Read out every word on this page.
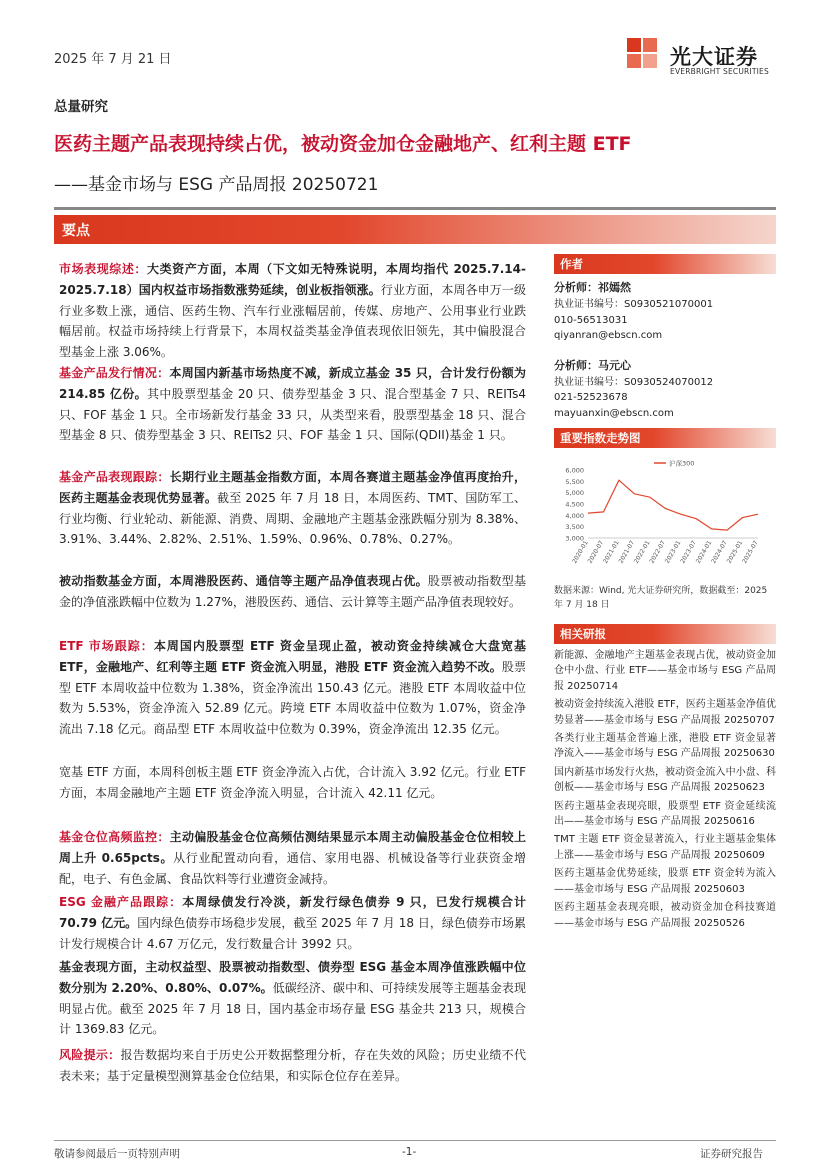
2025 年 7 月 21 日	光大证券
EVERBRIGHT SECURITIES
总量研究
医药主题产品表现持续占优，被动资金加仓金融地产、红利主题 ETF
——基金市场与 ESG 产品周报 20250721
要点

市场表现综述：大类资产方面，本周（下文如无特殊说明，本周均指代 2025.7.14-2025.7.18）国内权益市场指数涨势延续，创业板指领涨。行业方面，本周各申万一级行业多数上涨，通信、医药生物、汽车行业涨幅居前，传媒、房地产、公用事业行业跌幅居前。权益市场持续上行背景下，本周权益类基金净值表现依旧领先，其中偏股混合型基金上涨 3.06%。

基金产品发行情况：本周国内新基市场热度不减，新成立基金 35 只，合计发行份额为 214.85 亿份。其中股票型基金 20 只、债券型基金 3 只、混合型基金 7 只、REITs4 只、FOF 基金 1 只。全市场新发行基金 33 只，从类型来看，股票型基金 18 只、混合型基金 8 只、债券型基金 3 只、REITs2 只、FOF 基金 1 只、国际(QDII)基金 1 只。

基金产品表现跟踪：长期行业主题基金指数方面，本周各赛道主题基金净值再度抬升，医药主题基金表现优势显著。截至 2025 年 7 月 18 日，本周医药、TMT、国防军工、行业均衡、行业轮动、新能源、消费、周期、金融地产主题基金涨跌幅分别为 8.38%、3.91%、3.44%、2.82%、2.51%、1.59%、0.96%、0.78%、0.27%。

被动指数基金方面，本周港股医药、通信等主题产品净值表现占优。股票被动指数型基金的净值涨跌幅中位数为 1.27%，港股医药、通信、云计算等主题产品净值表现较好。

ETF 市场跟踪：本周国内股票型 ETF 资金呈现止盈，被动资金持续减仓大盘宽基 ETF，金融地产、红利等主题 ETF 资金流入明显，港股 ETF 资金流入趋势不改。股票型 ETF 本周收益中位数为 1.38%，资金净流出 150.43 亿元。港股 ETF 本周收益中位数为 5.53%，资金净流入 52.89 亿元。跨境 ETF 本周收益中位数为 1.07%，资金净流出 7.18 亿元。商品型 ETF 本周收益中位数为 0.39%，资金净流出 12.35 亿元。

宽基 ETF 方面，本周科创板主题 ETF 资金净流入占优，合计流入 3.92 亿元。行业 ETF 方面，本周金融地产主题 ETF 资金净流入明显，合计流入 42.11 亿元。

基金仓位高频监控：主动偏股基金仓位高频估测结果显示本周主动偏股基金仓位相较上周上升 0.65pcts。从行业配置动向看，通信、家用电器、机械设备等行业获资金增配，电子、有色金属、食品饮料等行业遭资金减持。

ESG 金融产品跟踪：本周绿债发行冷淡，新发行绿色债券 9 只，已发行规模合计 70.79 亿元。国内绿色债券市场稳步发展，截至 2025 年 7 月 18 日，绿色债券市场累计发行规模合计 4.67 万亿元，发行数量合计 3992 只。

基金表现方面，主动权益型、股票被动指数型、债券型 ESG 基金本周净值涨跌幅中位数分别为 2.20%、0.80%、0.07%。低碳经济、碳中和、可持续发展等主题基金表现明显占优。截至 2025 年 7 月 18 日，国内基金市场存量 ESG 基金共 213 只，规模合计 1369.83 亿元。

风险提示：报告数据均来自于历史公开数据整理分析，存在失效的风险；历史业绩不代表未来；基于定量模型测算基金仓位结果，和实际仓位存在差异。

作者
分析师：祁嫣然
执业证书编号：S0930521070001
010-56513031
qiyanran@ebscn.com
分析师：马元心
执业证书编号：S0930524070012
021-52523678
mayuanxin@ebscn.com
重要指数走势图
6,000
5,500
5,000
4,500
4,000
3,500
3,000
2020-01
2020-07
2021-01
2021-07
2022-01
2022-07
2023-01
2023-07
2024-01
2024-07
2025-01
2025-07
沪深300
数据来源：Wind, 光大证券研究所，数据截至：2025 年 7 月 18 日
相关研报
新能源、金融地产主题基金表现占优，被动资金加仓中小盘、行业 ETF——基金市场与 ESG 产品周报 20250714
被动资金持续流入港股 ETF，医药主题基金净值优势显著——基金市场与 ESG 产品周报 20250707
各类行业主题基金普遍上涨，港股 ETF 资金显著净流入——基金市场与 ESG 产品周报 20250630
国内新基市场发行火热，被动资金流入中小盘、科创板——基金市场与 ESG 产品周报 20250623
医药主题基金表现亮眼，股票型 ETF 资金延续流出——基金市场与 ESG 产品周报 20250616
TMT 主题 ETF 资金显著流入，行业主题基金集体上涨——基金市场与 ESG 产品周报 20250609
医药主题基金优势延续，股票 ETF 资金转为流入——基金市场与 ESG 产品周报 20250603
医药主题基金表现亮眼，被动资金加仓科技赛道——基金市场与 ESG 产品周报 20250526
敬请参阅最后一页特别声明	-1-	证券研究报告
